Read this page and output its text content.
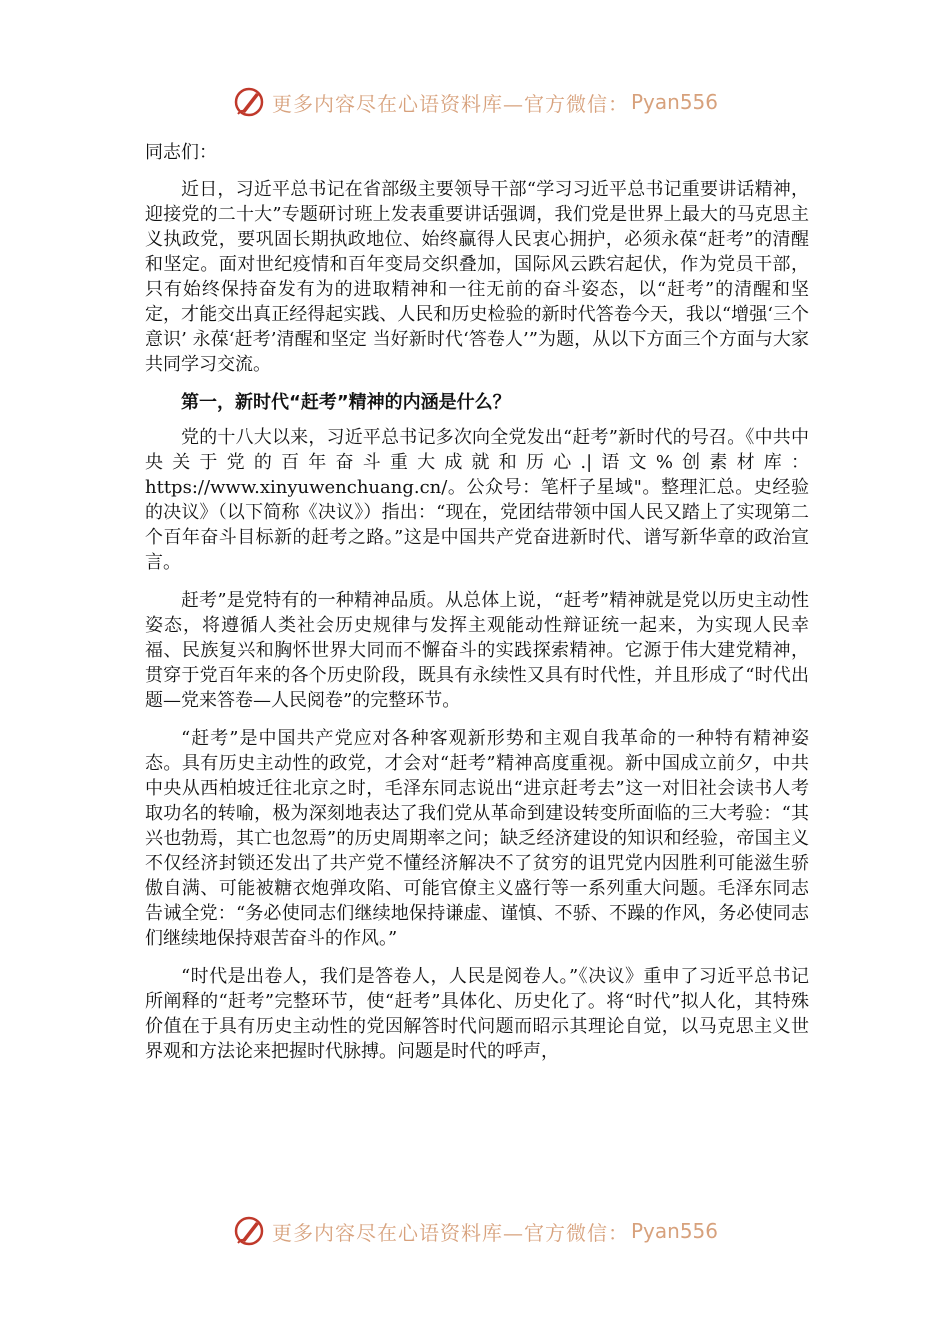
更多内容尽在心语资料库—官方微信： Pyan556

同志们：

近日，习近平总书记在省部级主要领导干部“学习习近平总书记重要讲话精神，迎接党的二十大”专题研讨班上发表重要讲话强调，我们党是世界上最大的马克思主义执政党，要巩固长期执政地位、始终赢得人民衷心拥护，必须永葆“赶考”的清醒和坚定。面对世纪疫情和百年变局交织叠加，国际风云跌宕起伏，作为党员干部，只有始终保持奋发有为的进取精神和一往无前的奋斗姿态，以“赶考”的清醒和坚定，才能交出真正经得起实践、人民和历史检验的新时代答卷今天，我以“增强‘三个意识’ 永葆‘赶考’清醒和坚定 当好新时代‘答卷人’”为题，从以下方面三个方面与大家共同学习交流。

第一，新时代“赶考”精神的内涵是什么？

党的十八大以来，习近平总书记多次向全党发出“赶考”新时代的号召。《中共中央关于党的百年奋斗重大成就和历心.|语文%创素材库：https://www.xinyuwenchuang.cn/。公众号：笔杆子星域"。整理汇总。史经验的决议》（以下简称《决议》）指出：“现在，党团结带领中国人民又踏上了实现第二个百年奋斗目标新的赶考之路。”这是中国共产党奋进新时代、谱写新华章的政治宣言。

赶考”是党特有的一种精神品质。从总体上说，“赶考”精神就是党以历史主动性姿态，将遵循人类社会历史规律与发挥主观能动性辩证统一起来，为实现人民幸福、民族复兴和胸怀世界大同而不懈奋斗的实践探索精神。它源于伟大建党精神，贯穿于党百年来的各个历史阶段，既具有永续性又具有时代性，并且形成了“时代出题—党来答卷—人民阅卷”的完整环节。

“赶考”是中国共产党应对各种客观新形势和主观自我革命的一种特有精神姿态。具有历史主动性的政党，才会对“赶考”精神高度重视。新中国成立前夕，中共中央从西柏坡迁往北京之时，毛泽东同志说出“进京赶考去”这一对旧社会读书人考取功名的转喻，极为深刻地表达了我们党从革命到建设转变所面临的三大考验：“其兴也勃焉，其亡也忽焉”的历史周期率之问；缺乏经济建设的知识和经验，帝国主义不仅经济封锁还发出了共产党不懂经济解决不了贫穷的诅咒党内因胜利可能滋生骄傲自满、可能被糖衣炮弹攻陷、可能官僚主义盛行等一系列重大问题。毛泽东同志告诫全党：“务必使同志们继续地保持谦虚、谨慎、不骄、不躁的作风，务必使同志们继续地保持艰苦奋斗的作风。”

“时代是出卷人，我们是答卷人，人民是阅卷人。”《决议》重申了习近平总书记所阐释的“赶考”完整环节，使“赶考”具体化、历史化了。将“时代”拟人化，其特殊价值在于具有历史主动性的党因解答时代问题而昭示其理论自觉，以马克思主义世界观和方法论来把握时代脉搏。问题是时代的呼声，

更多内容尽在心语资料库—官方微信： Pyan556
